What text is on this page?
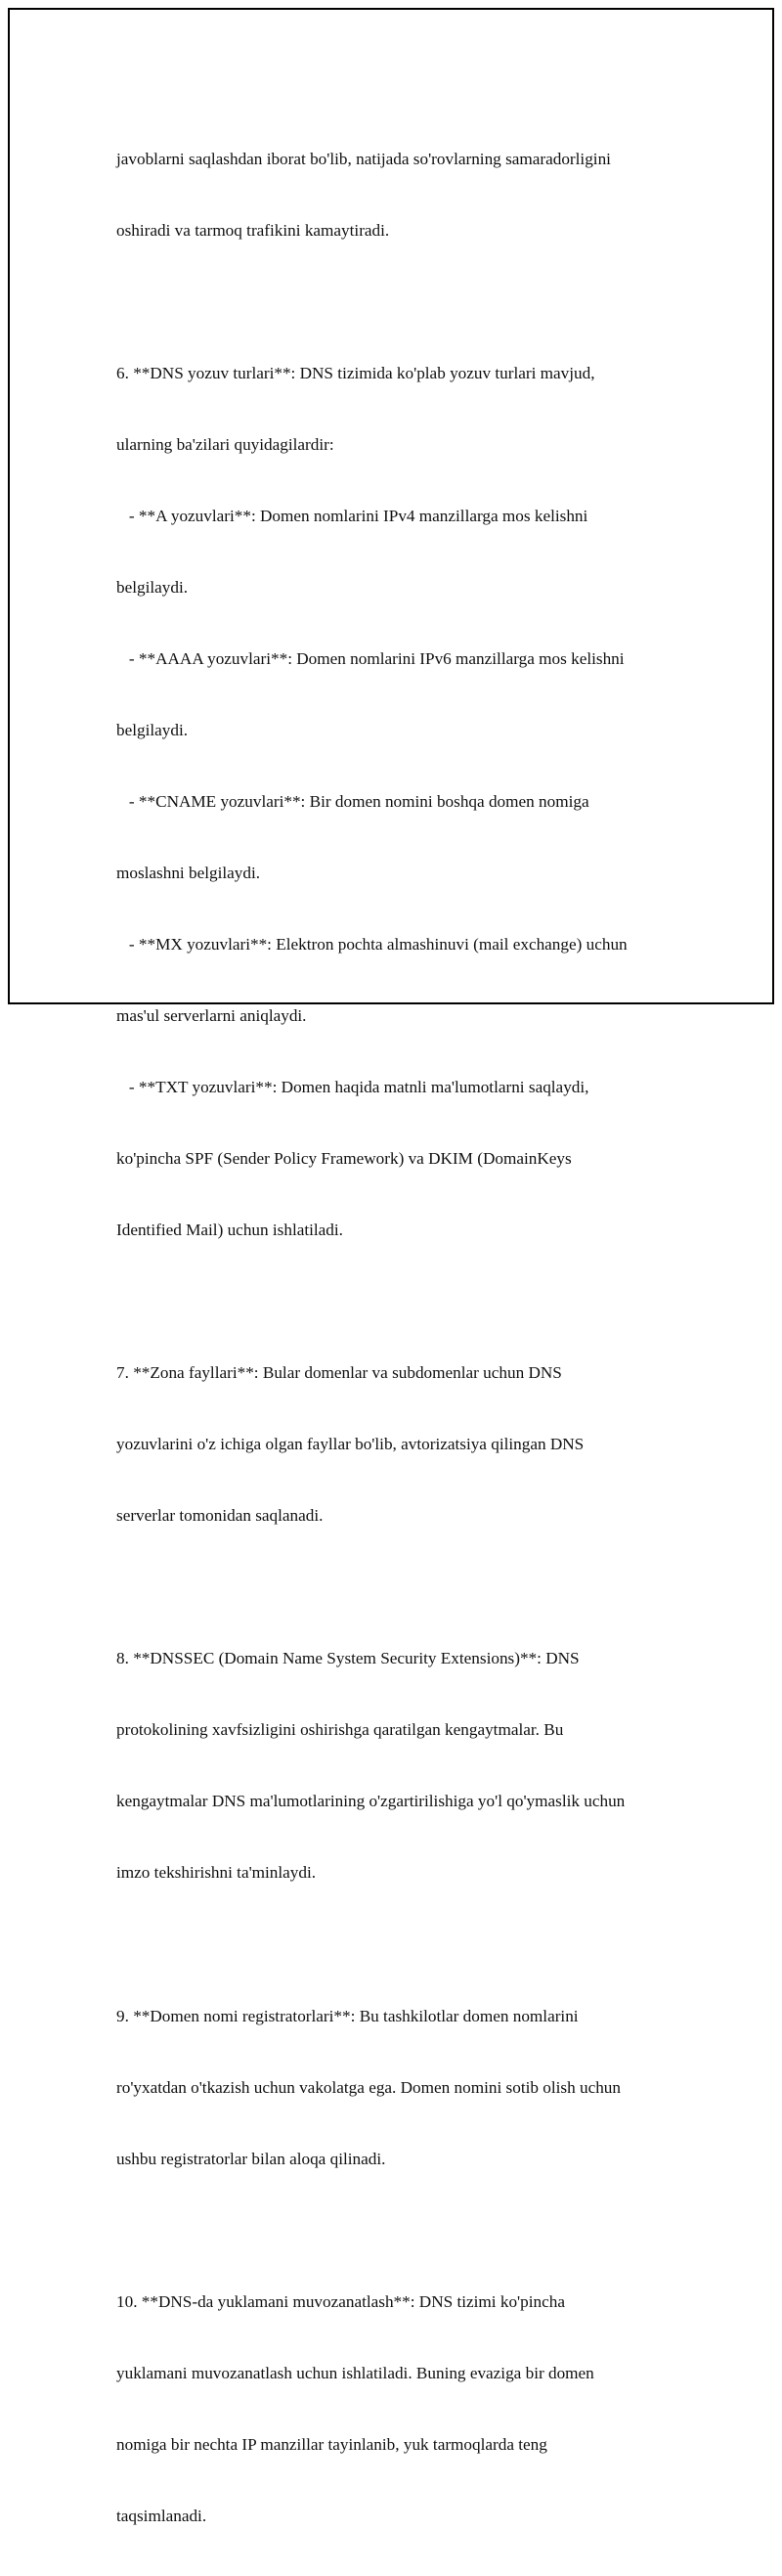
javoblarni saqlashdan iborat bo'lib, natijada so'rovlarning samaradorligini

oshiradi va tarmoq trafikini kamaytiradi.

6. **DNS yozuv turlari**: DNS tizimida ko'plab yozuv turlari mavjud,

ularning ba'zilari quyidagilardir:

- **A yozuvlari**: Domen nomlarini IPv4 manzillarga mos kelishni

belgilaydi.

- **AAAA yozuvlari**: Domen nomlarini IPv6 manzillarga mos kelishni

belgilaydi.

- **CNAME yozuvlari**: Bir domen nomini boshqa domen nomiga

moslashni belgilaydi.

- **MX yozuvlari**: Elektron pochta almashinuvi (mail exchange) uchun

mas'ul serverlarni aniqlaydi.

- **TXT yozuvlari**: Domen haqida matnli ma'lumotlarni saqlaydi,

ko'pincha SPF (Sender Policy Framework) va DKIM (DomainKeys

Identified Mail) uchun ishlatiladi.

7. **Zona fayllari**: Bular domenlar va subdomenlar uchun DNS

yozuvlarini o'z ichiga olgan fayllar bo'lib, avtorizatsiya qilingan DNS

serverlar tomonidan saqlanadi.

8. **DNSSEC (Domain Name System Security Extensions)**: DNS

protokolining xavfsizligini oshirishga qaratilgan kengaytmalar. Bu

kengaytmalar DNS ma'lumotlarining o'zgartirilishiga yo'l qo'ymaslik uchun

imzo tekshirishni ta'minlaydi.

9. **Domen nomi registratorlari**: Bu tashkilotlar domen nomlarini

ro'yxatdan o'tkazish uchun vakolatga ega. Domen nomini sotib olish uchun

ushbu registratorlar bilan aloqa qilinadi.

10. **DNS-da yuklamani muvozanatlash**: DNS tizimi ko'pincha

yuklamani muvozanatlash uchun ishlatiladi. Buning evaziga bir domen

nomiga bir nechta IP manzillar tayinlanib, yuk tarmoqlarda teng

taqsimlanadi.
